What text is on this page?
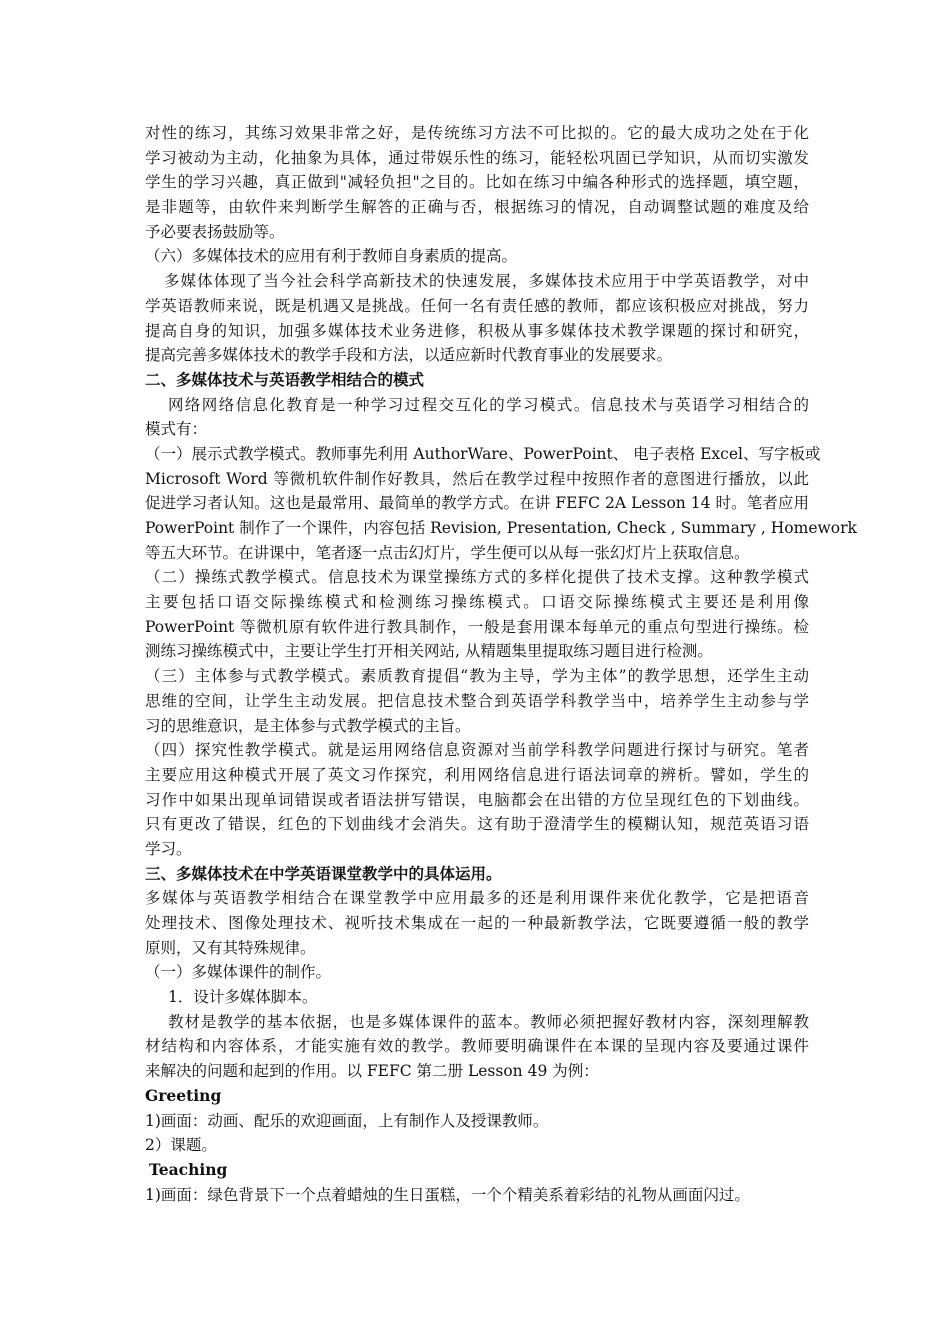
对性的练习，其练习效果非常之好，是传统练习方法不可比拟的。它的最大成功之处在于化
学习被动为主动，化抽象为具体，通过带娱乐性的练习，能轻松巩固已学知识，从而切实激发
学生的学习兴趣，真正做到"减轻负担"之目的。比如在练习中编各种形式的选择题，填空题，
是非题等，由软件来判断学生解答的正确与否，根据练习的情况，自动调整试题的难度及给
予必要表扬鼓励等。
（六）多媒体技术的应用有利于教师自身素质的提高。
多媒体体现了当今社会科学高新技术的快速发展，多媒体技术应用于中学英语教学，对中
学英语教师来说，既是机遇又是挑战。任何一名有责任感的教师，都应该积极应对挑战，努力
提高自身的知识，加强多媒体技术业务进修，积极从事多媒体技术教学课题的探讨和研究，
提高完善多媒体技术的教学手段和方法，以适应新时代教育事业的发展要求。
二、多媒体技术与英语教学相结合的模式
网络网络信息化教育是一种学习过程交互化的学习模式。信息技术与英语学习相结合的
模式有：
（一）展示式教学模式。教师事先利用 AuthorWare、PowerPoint、 电子表格 Excel、写字板或
Microsoft Word 等微机软件制作好教具，然后在教学过程中按照作者的意图进行播放，以此
促进学习者认知。这也是最常用、最简单的教学方式。在讲 FEFC 2A Lesson 14 时。笔者应用
PowerPoint 制作了一个课件，内容包括 Revision, Presentation, Check , Summary , Homework
等五大环节。在讲课中，笔者逐一点击幻灯片，学生便可以从每一张幻灯片上获取信息。
（二）操练式教学模式。信息技术为课堂操练方式的多样化提供了技术支撑。这种教学模式
主要包括口语交际操练模式和检测练习操练模式。口语交际操练模式主要还是利用像
PowerPoint 等微机原有软件进行教具制作，一般是套用课本每单元的重点句型进行操练。检
测练习操练模式中，主要让学生打开相关网站, 从精题集里提取练习题目进行检测。
（三）主体参与式教学模式。素质教育提倡“教为主导，学为主体”的教学思想，还学生主动
思维的空间，让学生主动发展。把信息技术整合到英语学科教学当中，培养学生主动参与学
习的思维意识，是主体参与式教学模式的主旨。
（四）探究性教学模式。就是运用网络信息资源对当前学科教学问题进行探讨与研究。笔者
主要应用这种模式开展了英文习作探究，利用网络信息进行语法词章的辨析。譬如，学生的
习作中如果出现单词错误或者语法拼写错误，电脑都会在出错的方位呈现红色的下划曲线。
只有更改了错误，红色的下划曲线才会消失。这有助于澄清学生的模糊认知，规范英语习语
学习。
三、多媒体技术在中学英语课堂教学中的具体运用。
多媒体与英语教学相结合在课堂教学中应用最多的还是利用课件来优化教学，它是把语音
处理技术、图像处理技术、视听技术集成在一起的一种最新教学法，它既要遵循一般的教学
原则，又有其特殊规律。
（一）多媒体课件的制作。
1．设计多媒体脚本。
教材是教学的基本依据，也是多媒体课件的蓝本。教师必须把握好教材内容，深刻理解教
材结构和内容体系，才能实施有效的教学。教师要明确课件在本课的呈现内容及要通过课件
来解决的问题和起到的作用。以 FEFC 第二册 Lesson 49 为例：
Greeting
1)画面：动画、配乐的欢迎画面，上有制作人及授课教师。
2）课题。
Teaching
1)画面：绿色背景下一个点着蜡烛的生日蛋糕，一个个精美系着彩结的礼物从画面闪过。
